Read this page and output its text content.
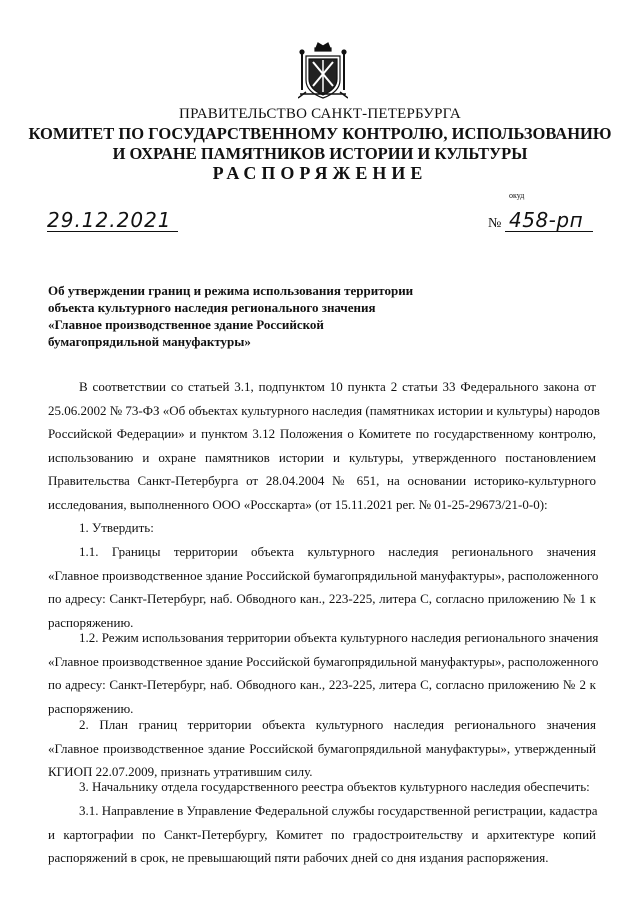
ПРАВИТЕЛЬСТВО САНКТ-ПЕТЕРБУРГА
КОМИТЕТ ПО ГОСУДАРСТВЕННОМУ КОНТРОЛЮ, ИСПОЛЬЗОВАНИЮ
И ОХРАНЕ ПАМЯТНИКОВ ИСТОРИИ И КУЛЬТУРЫ
РАСПОРЯЖЕНИЕ
окуд
29.12.2021	№ 458-рп
Об утверждении границ и режима использования территории
объекта культурного наследия регионального значения
«Главное производственное здание Российской
бумагопрядильной мануфактуры»
В соответствии со статьей 3.1, подпунктом 10 пункта 2 статьи 33 Федерального закона от
25.06.2002 № 73-ФЗ «Об объектах культурного наследия (памятниках истории и культуры) народов
Российской Федерации» и пунктом 3.12 Положения о Комитете по государственному контролю,
использованию и охране памятников истории и культуры, утвержденного постановлением
Правительства Санкт-Петербурга от 28.04.2004 № 651, на основании историко-культурного
исследования, выполненного ООО «Росскарта» (от 15.11.2021 рег. № 01-25-29673/21-0-0):
1. Утвердить:
1.1. Границы территории объекта культурного наследия регионального значения
«Главное производственное здание Российской бумагопрядильной мануфактуры», расположенного
по адресу: Санкт-Петербург, наб. Обводного кан., 223-225, литера С, согласно приложению № 1 к
распоряжению.
1.2. Режим использования территории объекта культурного наследия регионального значения
«Главное производственное здание Российской бумагопрядильной мануфактуры», расположенного
по адресу: Санкт-Петербург, наб. Обводного кан., 223-225, литера С, согласно приложению № 2 к
распоряжению.
2. План границ территории объекта культурного наследия регионального значения
«Главное производственное здание Российской бумагопрядильной мануфактуры», утвержденный
КГИОП 22.07.2009, признать утратившим силу.
3. Начальнику отдела государственного реестра объектов культурного наследия обеспечить:
3.1. Направление в Управление Федеральной службы государственной регистрации, кадастра
и картографии по Санкт-Петербургу, Комитет по градостроительству и архитектуре копий
распоряжений в срок, не превышающий пяти рабочих дней со дня издания распоряжения.
